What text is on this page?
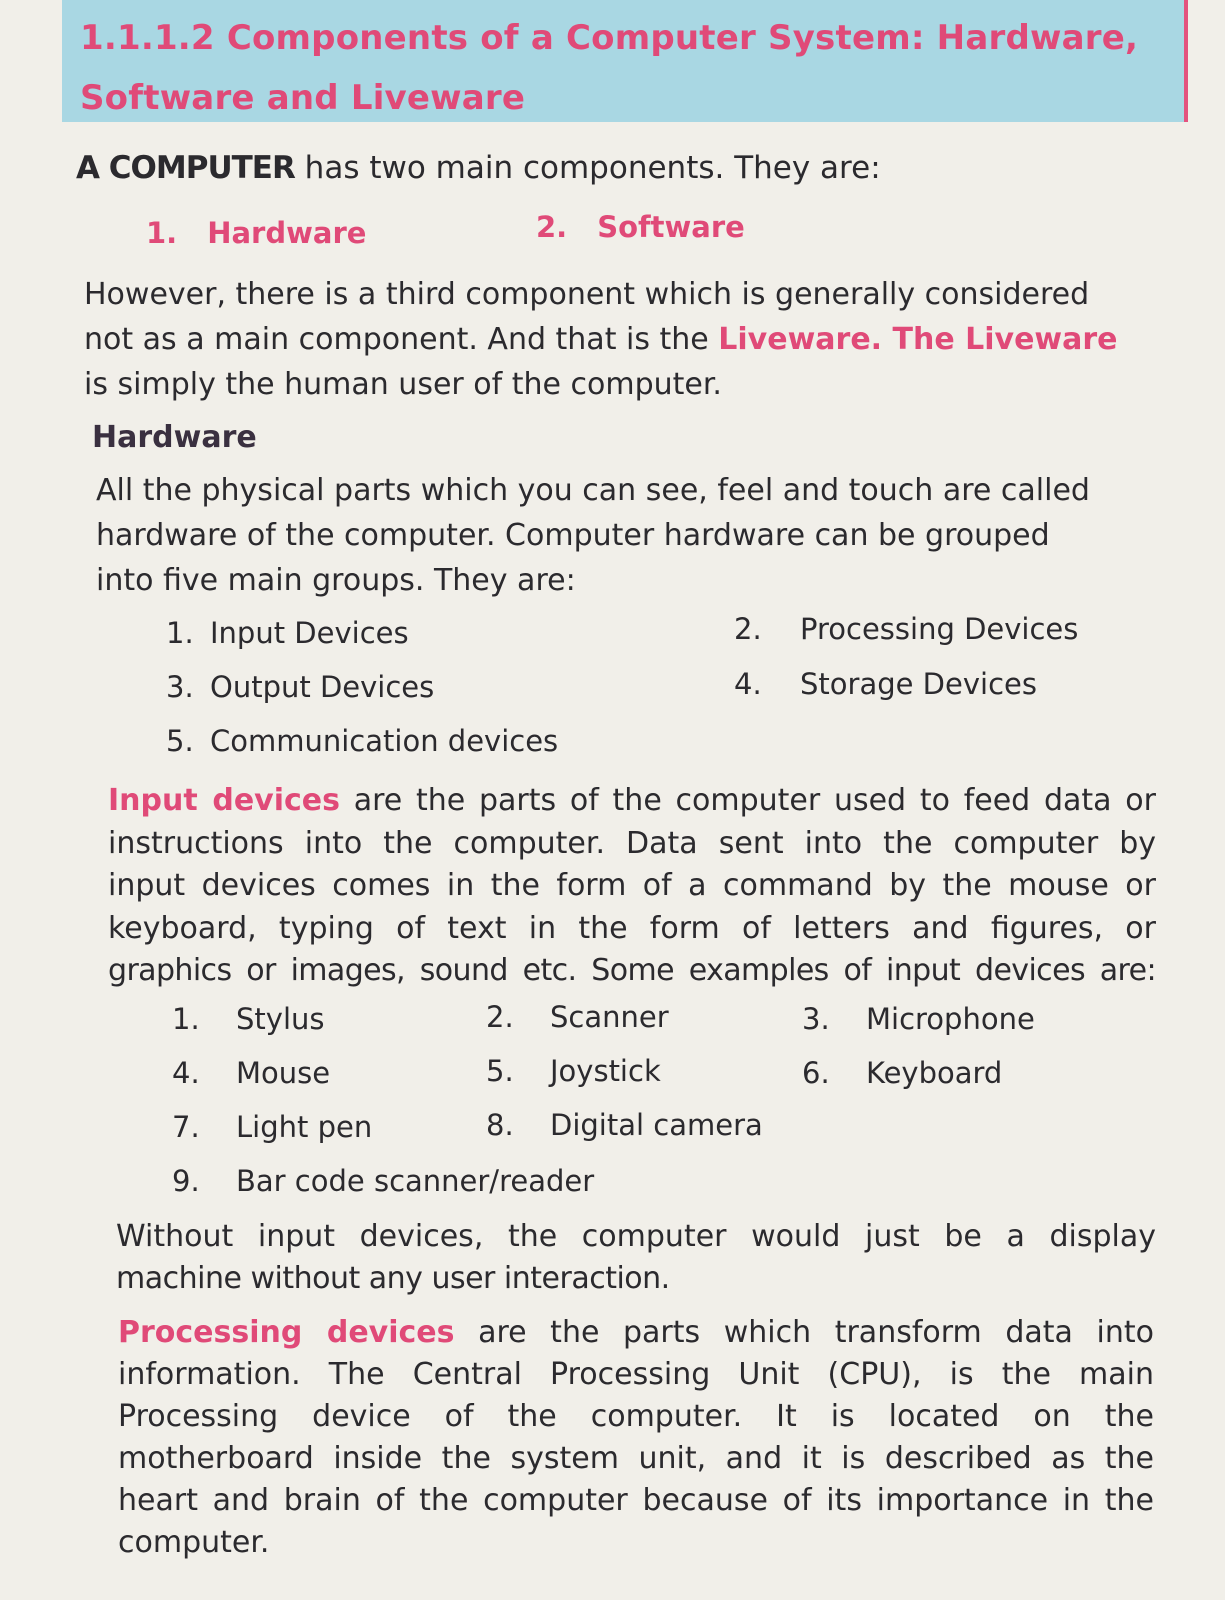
1.1.1.2 Components of a Computer System: Hardware,
Software and Liveware
A COMPUTER has two main components. They are:
1. Hardware	2. Software
However, there is a third component which is generally considered
not as a main component. And that is the Liveware. The Liveware
is simply the human user of the computer.
Hardware
All the physical parts which you can see, feel and touch are called
hardware of the computer. Computer hardware can be grouped
into five main groups. They are:
1. Input Devices	2. Processing Devices
3. Output Devices	4. Storage Devices
5. Communication devices
Input devices are the parts of the computer used to feed data or
instructions into the computer. Data sent into the computer by
input devices comes in the form of a command by the mouse or
keyboard, typing of text in the form of letters and figures, or
graphics or images, sound etc. Some examples of input devices are:
1. Stylus	2. Scanner	3. Microphone
4. Mouse	5. Joystick	6. Keyboard
7. Light pen	8. Digital camera
9. Bar code scanner/reader
Without input devices, the computer would just be a display
machine without any user interaction.
Processing devices are the parts which transform data into
information. The Central Processing Unit (CPU), is the main
Processing device of the computer. It is located on the
motherboard inside the system unit, and it is described as the
heart and brain of the computer because of its importance in the
computer.
